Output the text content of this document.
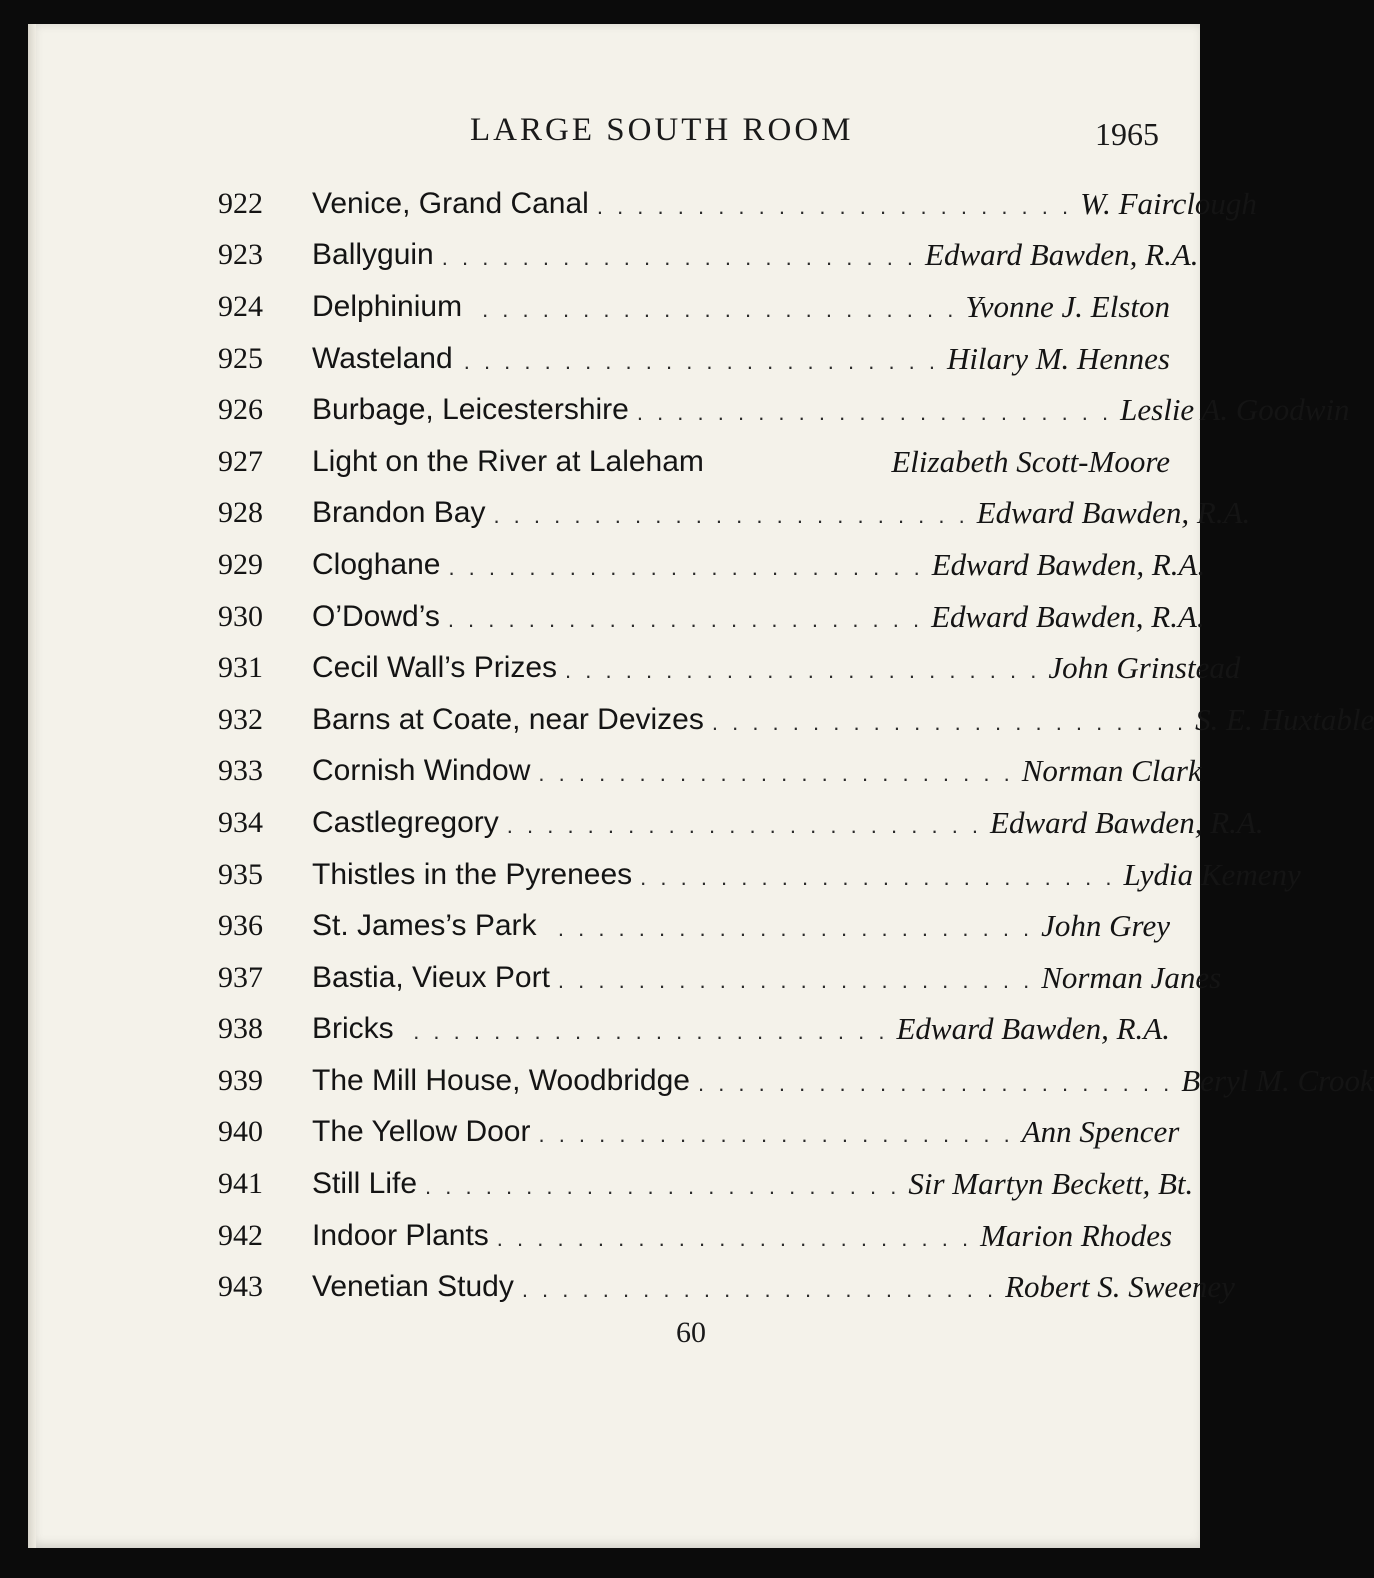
LARGE SOUTH ROOM	1965
922	Venice, Grand Canal . . . . . . . . . . . . . . . . . . . . . . . . W. Fairclough
923	Ballyguin . . . . . . . . . . . . . . . . . . . . . . . . Edward Bawden, R.A.
924	Delphinium . . . . . . . . . . . . . . . . . . . . . . . . Yvonne J. Elston
925	Wasteland . . . . . . . . . . . . . . . . . . . . . . . . Hilary M. Hennes
926	Burbage, Leicestershire . . . . . . . . . . . . . . . . . . . . . . . . Leslie A. Goodwin
927	Light on the River at Laleham	Elizabeth Scott-Moore
928	Brandon Bay . . . . . . . . . . . . . . . . . . . . . . . . Edward Bawden, R.A.
929	Cloghane . . . . . . . . . . . . . . . . . . . . . . . . Edward Bawden, R.A.
930	O’Dowd’s . . . . . . . . . . . . . . . . . . . . . . . . Edward Bawden, R.A.
931	Cecil Wall’s Prizes . . . . . . . . . . . . . . . . . . . . . . . . John Grinstead
932	Barns at Coate, near Devizes . . . . . . . . . . . . . . . . . . . . . . . . S. E. Huxtable
933	Cornish Window . . . . . . . . . . . . . . . . . . . . . . . . Norman Clark
934	Castlegregory . . . . . . . . . . . . . . . . . . . . . . . . Edward Bawden, R.A.
935	Thistles in the Pyrenees . . . . . . . . . . . . . . . . . . . . . . . . Lydia Kemeny
936	St. James’s Park . . . . . . . . . . . . . . . . . . . . . . . . John Grey
937	Bastia, Vieux Port . . . . . . . . . . . . . . . . . . . . . . . . Norman Janes
938	Bricks . . . . . . . . . . . . . . . . . . . . . . . . Edward Bawden, R.A.
939	The Mill House, Woodbridge . . . . . . . . . . . . . . . . . . . . . . . . Beryl M. Crook
940	The Yellow Door . . . . . . . . . . . . . . . . . . . . . . . . Ann Spencer
941	Still Life . . . . . . . . . . . . . . . . . . . . . . . . Sir Martyn Beckett, Bt.
942	Indoor Plants . . . . . . . . . . . . . . . . . . . . . . . . Marion Rhodes
943	Venetian Study . . . . . . . . . . . . . . . . . . . . . . . . Robert S. Sweeney
60
